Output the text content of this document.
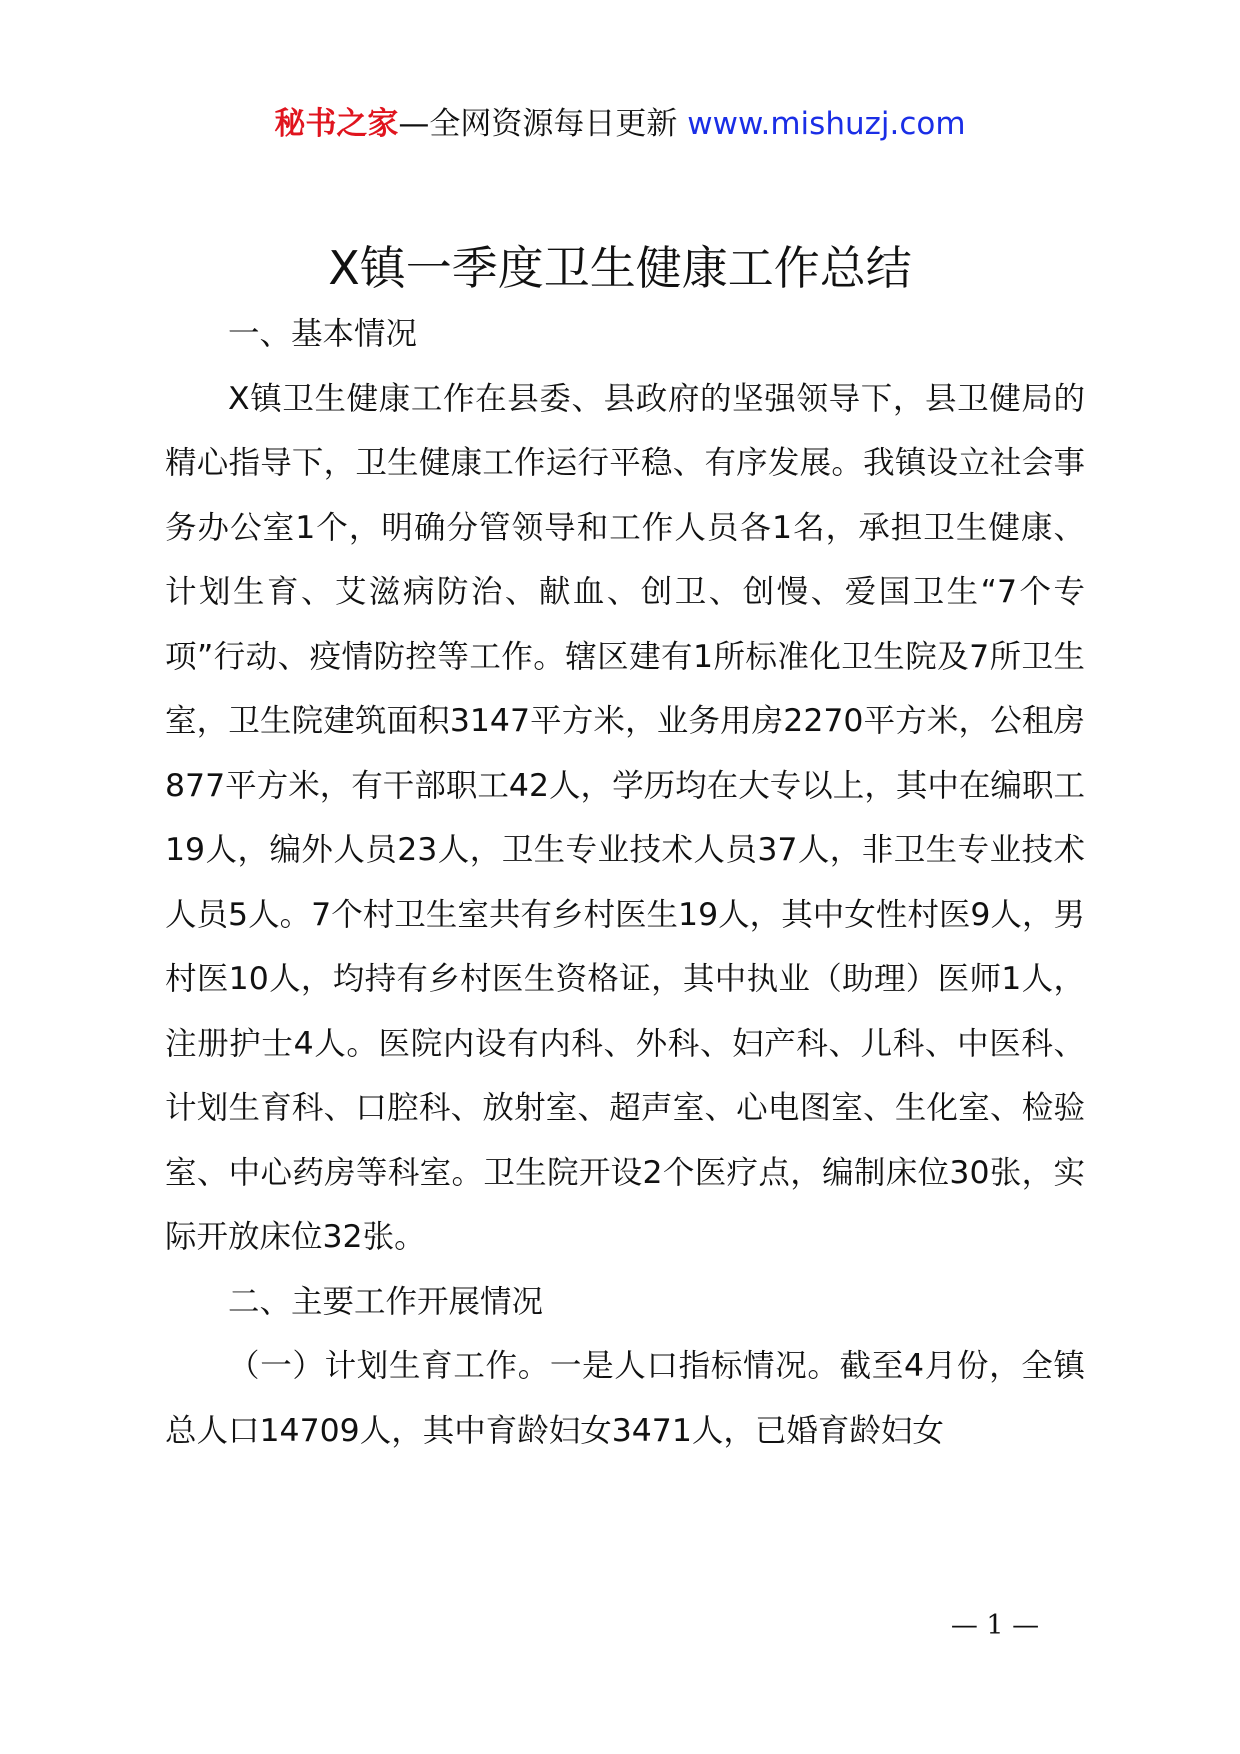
秘书之家—全网资源每日更新 www.mishuzj.com
X镇一季度卫生健康工作总结

一、基本情况

X镇卫生健康工作在县委、县政府的坚强领导下，县卫健局的精心指导下，卫生健康工作运行平稳、有序发展。我镇设立社会事务办公室1个，明确分管领导和工作人员各1名，承担卫生健康、计划生育、艾滋病防治、献血、创卫、创慢、爱国卫生“7个专项”行动、疫情防控等工作。辖区建有1所标准化卫生院及7所卫生室，卫生院建筑面积3147平方米，业务用房2270平方米，公租房877平方米，有干部职工42人，学历均在大专以上，其中在编职工19人，编外人员23人，卫生专业技术人员37人，非卫生专业技术人员5人。7个村卫生室共有乡村医生19人，其中女性村医9人，男村医10人，均持有乡村医生资格证，其中执业（助理）医师1人，注册护士4人。医院内设有内科、外科、妇产科、儿科、中医科、计划生育科、口腔科、放射室、超声室、心电图室、生化室、检验室、中心药房等科室。卫生院开设2个医疗点，编制床位30张，实际开放床位32张。

二、主要工作开展情况

（一）计划生育工作。一是人口指标情况。截至4月份，全镇总人口14709人，其中育龄妇女3471人，已婚育龄妇女

— 1 —
